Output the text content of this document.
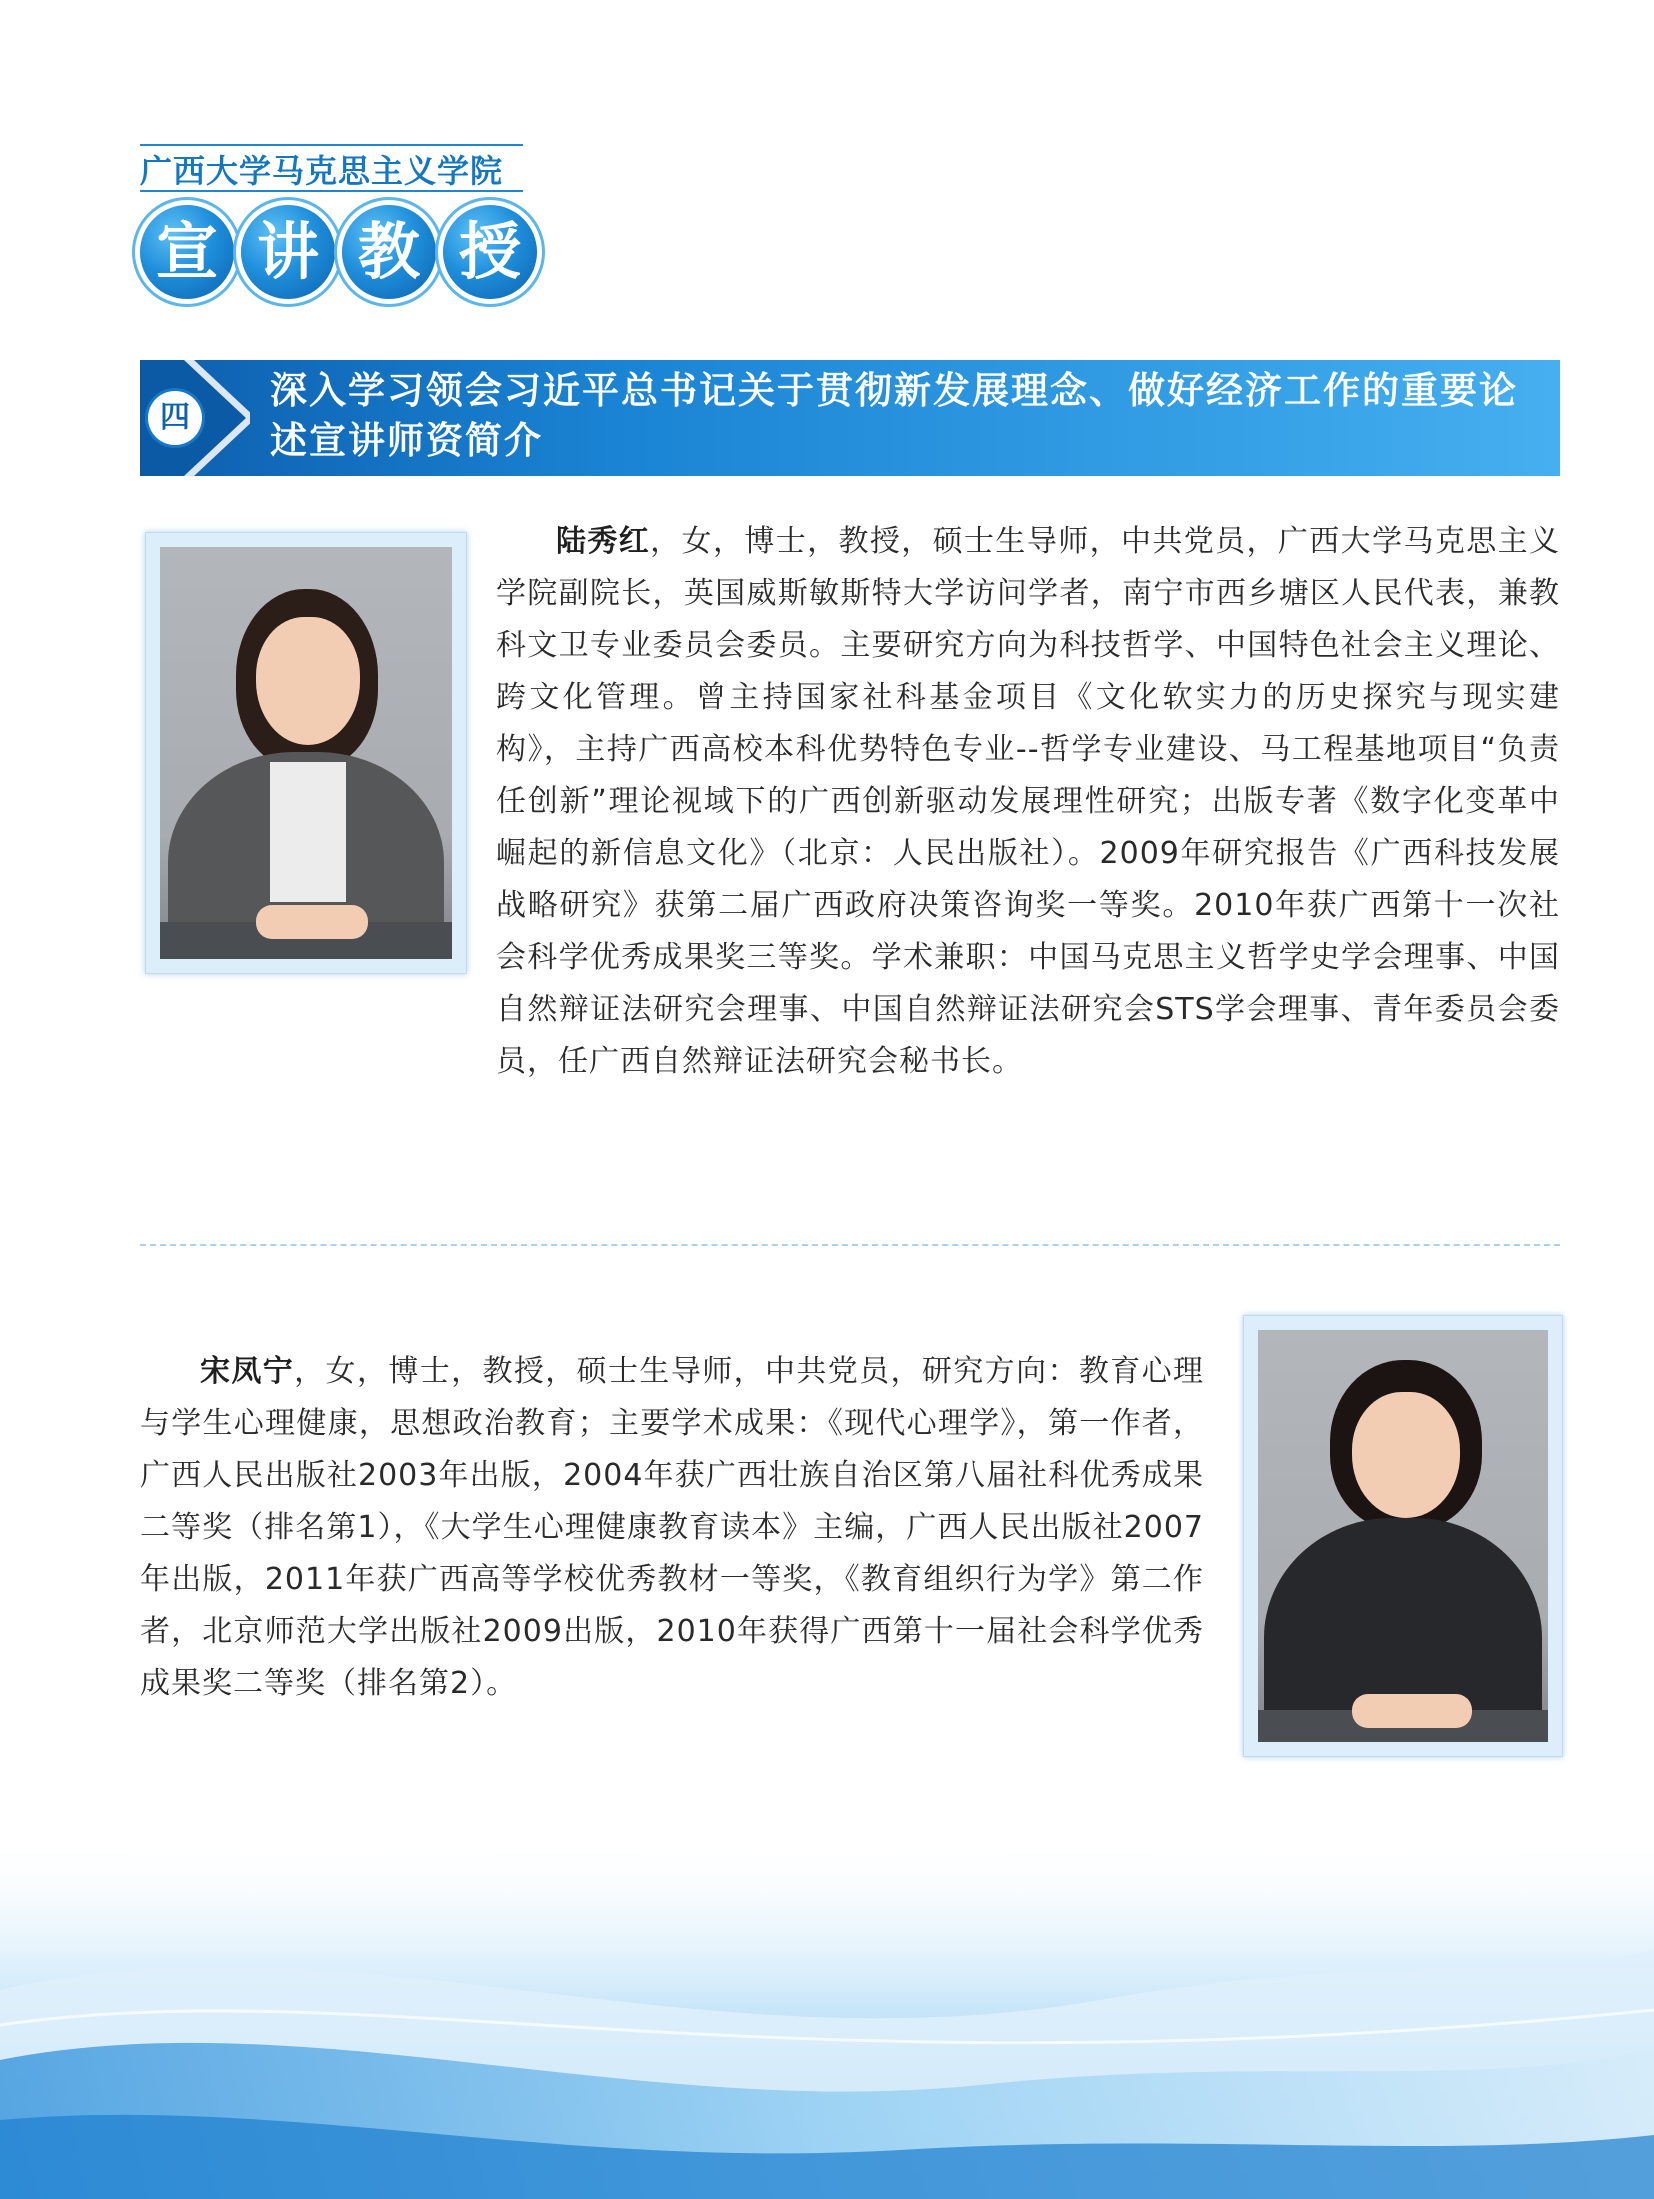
广西大学马克思主义学院
宣 讲 教 授
四
深入学习领会习近平总书记关于贯彻新发展理念、做好经济工作的重要论述宣讲师资简介
陆秀红，女，博士，教授，硕士生导师，中共党员，广西大学马克思主义学院副院长，英国威斯敏斯特大学访问学者，南宁市西乡塘区人民代表，兼教科文卫专业委员会委员。主要研究方向为科技哲学、中国特色社会主义理论、跨文化管理。曾主持国家社科基金项目《文化软实力的历史探究与现实建构》，主持广西高校本科优势特色专业--哲学专业建设、马工程基地项目“负责任创新”理论视域下的广西创新驱动发展理性研究；出版专著《数字化变革中崛起的新信息文化》（北京：人民出版社）。2009年研究报告《广西科技发展战略研究》获第二届广西政府决策咨询奖一等奖。2010年获广西第十一次社会科学优秀成果奖三等奖。学术兼职：中国马克思主义哲学史学会理事、中国自然辩证法研究会理事、中国自然辩证法研究会STS学会理事、青年委员会委员，任广西自然辩证法研究会秘书长。
宋凤宁，女，博士，教授，硕士生导师，中共党员，研究方向：教育心理与学生心理健康，思想政治教育；主要学术成果：《现代心理学》，第一作者，广西人民出版社2003年出版，2004年获广西壮族自治区第八届社科优秀成果二等奖（排名第1），《大学生心理健康教育读本》主编，广西人民出版社2007年出版，2011年获广西高等学校优秀教材一等奖，《教育组织行为学》第二作者，北京师范大学出版社2009出版，2010年获得广西第十一届社会科学优秀成果奖二等奖（排名第2）。
